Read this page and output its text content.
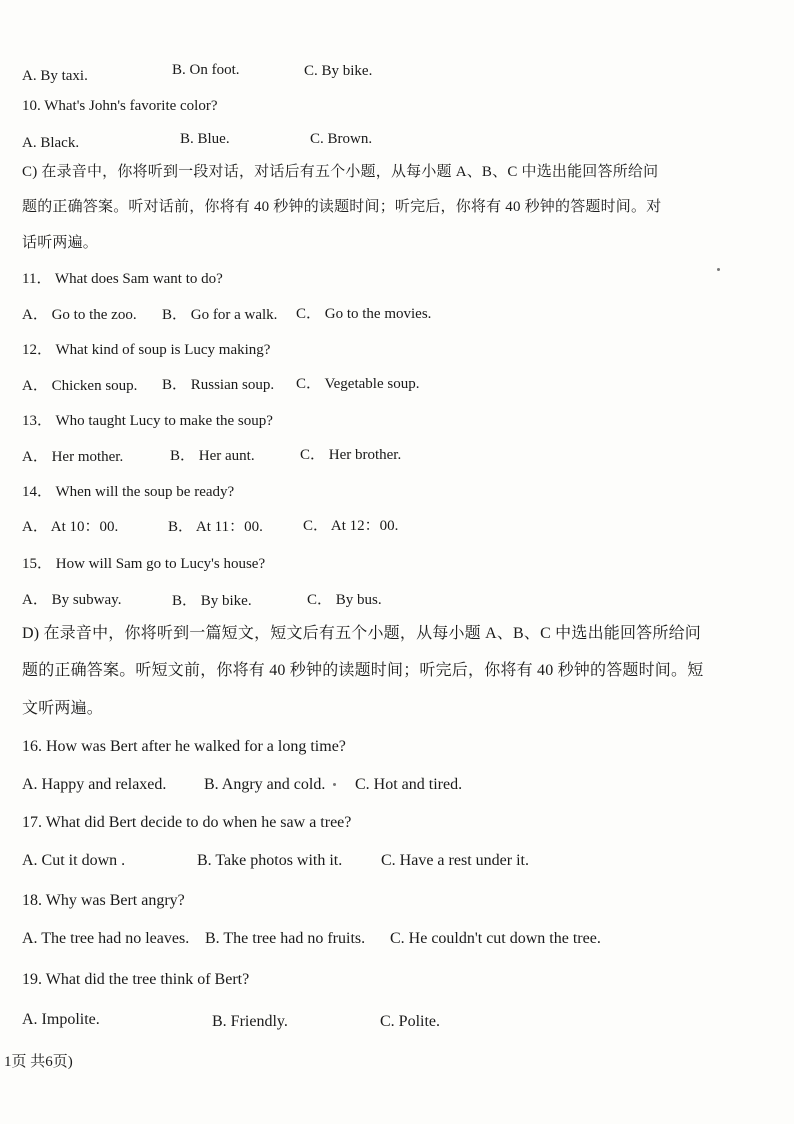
A. By taxi.	B. On foot.	C. By bike.
10. What's John's favorite color?
A. Black.	B. Blue.	C. Brown.
C) 在录音中，你将听到一段对话，对话后有五个小题，从每小题 A、B、C 中选出能回答所给问
题的正确答案。听对话前，你将有 40 秒钟的读题时间；听完后，你将有 40 秒钟的答题时间。对
话听两遍。
11． What does Sam want to do?
A． Go to the zoo. B． Go for a walk. C． Go to the movies.
12． What kind of soup is Lucy making?
A． Chicken soup. B． Russian soup. C． Vegetable soup.
13． Who taught Lucy to make the soup?
A． Her mother.	B． Her aunt.	C． Her brother.
14． When will the soup be ready?
A． At 10：00.	B． At 11：00.	C． At 12：00.
15． How will Sam go to Lucy's house?
A． By subway.	B． By bike.	C． By bus.
D) 在录音中，你将听到一篇短文，短文后有五个小题，从每小题 A、B、C 中选出能回答所给问
题的正确答案。听短文前，你将有 40 秒钟的读题时间；听完后，你将有 40 秒钟的答题时间。短
文听两遍。
16. How was Bert after he walked for a long time?
A. Happy and relaxed. B. Angry and cold. C. Hot and tired.
17. What did Bert decide to do when he saw a tree?
A. Cut it down .	B. Take photos with it. C. Have a rest under it.
18. Why was Bert angry?
A. The tree had no leaves. B. The tree had no fruits. C. He couldn't cut down the tree.
19. What did the tree think of Bert?
A. Impolite.	B. Friendly.	C. Polite.
1页 共6页)
